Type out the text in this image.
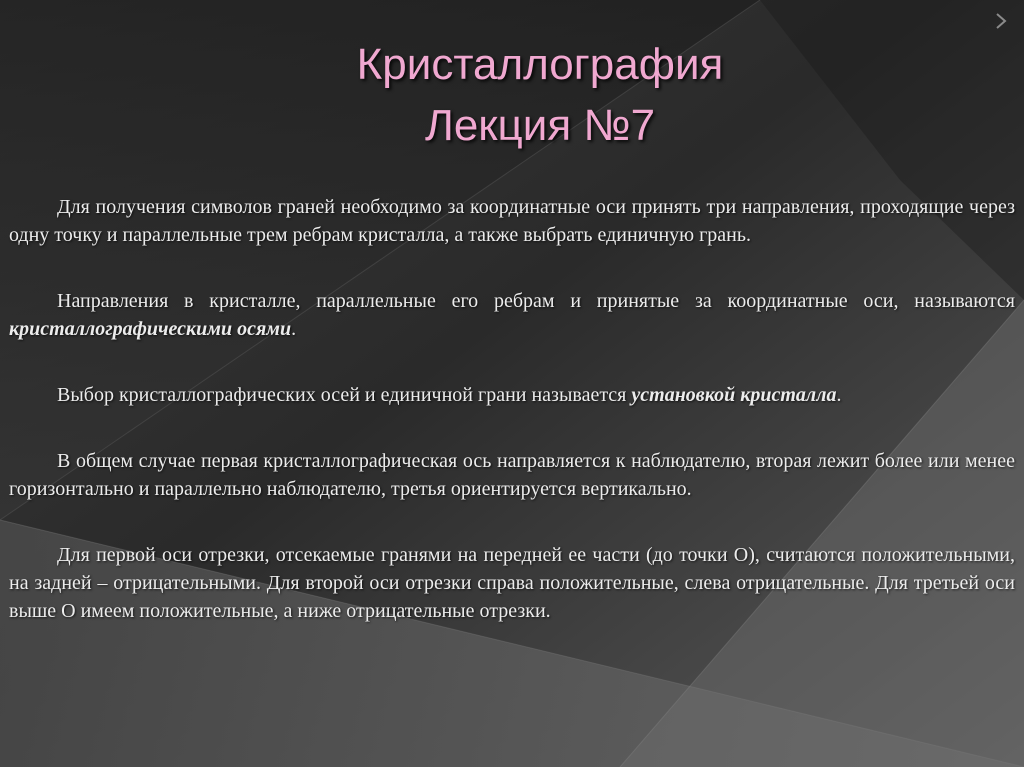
Кристаллография
Лекция №7

Для получения символов граней необходимо за координатные оси принять три направления, проходящие через одну точку и параллельные трем ребрам кристалла, а также выбрать единичную грань.

Направления в кристалле, параллельные его ребрам и принятые за координатные оси, называются кристаллографическими осями.

Выбор кристаллографических осей и единичной грани называется установкой кристалла.

В общем случае первая кристаллографическая ось направляется к наблюдателю, вторая лежит более или менее горизонтально и параллельно наблюдателю, третья ориентируется вертикально.

Для первой оси отрезки, отсекаемые гранями на передней ее части (до точки О), считаются положительными, на задней – отрицательными. Для второй оси отрезки справа положительные, слева отрицательные. Для третьей оси выше О имеем положительные, а ниже отрицательные отрезки.
